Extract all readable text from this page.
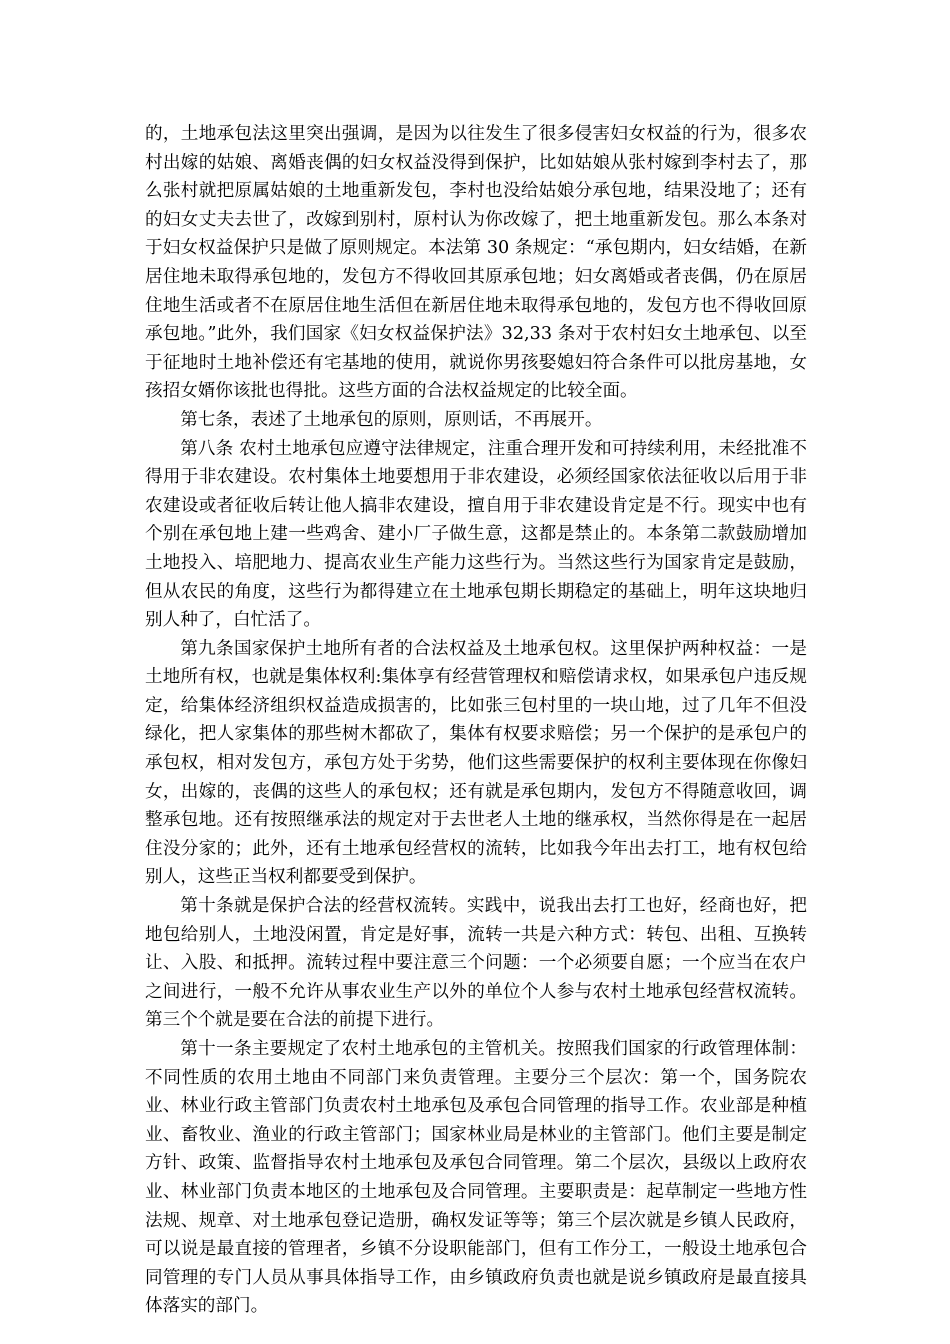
的，土地承包法这里突出强调，是因为以往发生了很多侵害妇女权益的行为，很多农村出嫁的姑娘、离婚丧偶的妇女权益没得到保护，比如姑娘从张村嫁到李村去了，那么张村就把原属姑娘的土地重新发包，李村也没给姑娘分承包地，结果没地了；还有的妇女丈夫去世了，改嫁到别村，原村认为你改嫁了，把土地重新发包。那么本条对于妇女权益保护只是做了原则规定。本法第 30 条规定：“承包期内，妇女结婚，在新居住地未取得承包地的，发包方不得收回其原承包地；妇女离婚或者丧偶，仍在原居住地生活或者不在原居住地生活但在新居住地未取得承包地的，发包方也不得收回原承包地。”此外，我们国家《妇女权益保护法》32,33 条对于农村妇女土地承包、以至于征地时土地补偿还有宅基地的使用，就说你男孩娶媳妇符合条件可以批房基地，女孩招女婿你该批也得批。这些方面的合法权益规定的比较全面。

第七条，表述了土地承包的原则，原则话，不再展开。

第八条 农村土地承包应遵守法律规定，注重合理开发和可持续利用，未经批准不得用于非农建设。农村集体土地要想用于非农建设，必须经国家依法征收以后用于非农建设或者征收后转让他人搞非农建设，擅自用于非农建设肯定是不行。现实中也有个别在承包地上建一些鸡舍、建小厂子做生意，这都是禁止的。本条第二款鼓励增加土地投入、培肥地力、提高农业生产能力这些行为。当然这些行为国家肯定是鼓励，但从农民的角度，这些行为都得建立在土地承包期长期稳定的基础上，明年这块地归别人种了，白忙活了。

第九条国家保护土地所有者的合法权益及土地承包权。这里保护两种权益：一是土地所有权，也就是集体权利:集体享有经营管理权和赔偿请求权，如果承包户违反规定，给集体经济组织权益造成损害的，比如张三包村里的一块山地，过了几年不但没绿化，把人家集体的那些树木都砍了，集体有权要求赔偿；另一个保护的是承包户的承包权，相对发包方，承包方处于劣势，他们这些需要保护的权利主要体现在你像妇女，出嫁的，丧偶的这些人的承包权；还有就是承包期内，发包方不得随意收回，调整承包地。还有按照继承法的规定对于去世老人土地的继承权，当然你得是在一起居住没分家的；此外，还有土地承包经营权的流转，比如我今年出去打工，地有权包给别人，这些正当权利都要受到保护。

第十条就是保护合法的经营权流转。实践中，说我出去打工也好，经商也好，把地包给别人，土地没闲置，肯定是好事，流转一共是六种方式：转包、出租、互换转让、入股、和抵押。流转过程中要注意三个问题：一个必须要自愿；一个应当在农户之间进行，一般不允许从事农业生产以外的单位个人参与农村土地承包经营权流转。第三个个就是要在合法的前提下进行。

第十一条主要规定了农村土地承包的主管机关。按照我们国家的行政管理体制：不同性质的农用土地由不同部门来负责管理。主要分三个层次：第一个，国务院农业、林业行政主管部门负责农村土地承包及承包合同管理的指导工作。农业部是种植业、畜牧业、渔业的行政主管部门；国家林业局是林业的主管部门。他们主要是制定方针、政策、监督指导农村土地承包及承包合同管理。第二个层次，县级以上政府农业、林业部门负责本地区的土地承包及合同管理。主要职责是：起草制定一些地方性法规、规章、对土地承包登记造册，确权发证等等；第三个层次就是乡镇人民政府，可以说是最直接的管理者，乡镇不分设职能部门，但有工作分工，一般设土地承包合同管理的专门人员从事具体指导工作，由乡镇政府负责也就是说乡镇政府是最直接具体落实的部门。
